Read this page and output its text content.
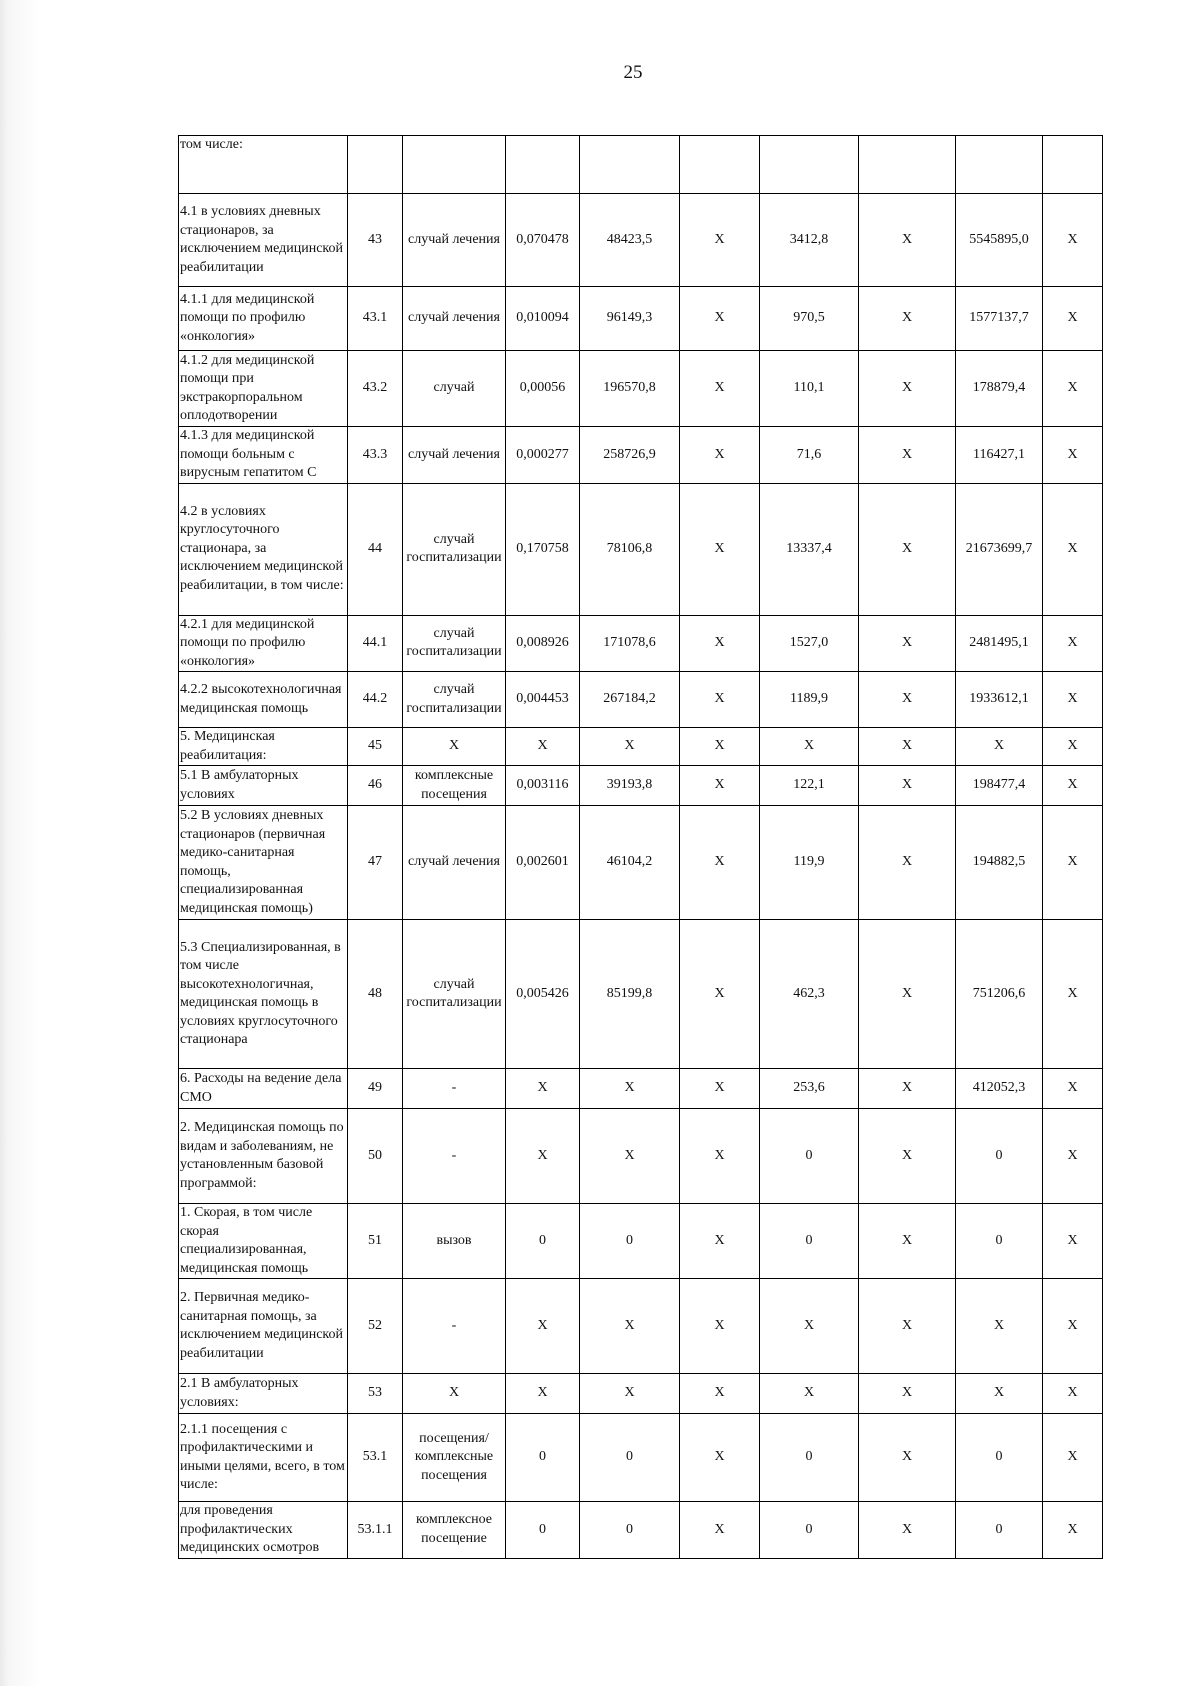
25
том числе:									
4.1 в условиях дневных стационаров, за исключением медицинской реабилитации	43	случай лечения	0,070478	48423,5	Х	3412,8	Х	5545895,0	Х
4.1.1 для медицинской помощи по профилю «онкология»	43.1	случай лечения	0,010094	96149,3	Х	970,5	Х	1577137,7	Х
4.1.2 для медицинской помощи при экстракорпоральном оплодотворении	43.2	случай	0,00056	196570,8	Х	110,1	Х	178879,4	Х
4.1.3 для медицинской помощи больным с вирусным гепатитом С	43.3	случай лечения	0,000277	258726,9	Х	71,6	Х	116427,1	Х
4.2 в условиях круглосуточного стационара, за исключением медицинской реабилитации, в том числе:	44	случай госпитализации	0,170758	78106,8	Х	13337,4	Х	21673699,7	Х
4.2.1 для медицинской помощи по профилю «онкология»	44.1	случай госпитализации	0,008926	171078,6	Х	1527,0	Х	2481495,1	Х
4.2.2 высокотехнологичная медицинская помощь	44.2	случай госпитализации	0,004453	267184,2	Х	1189,9	Х	1933612,1	Х
5. Медицинская реабилитация:	45	Х	Х	Х	Х	Х	Х	Х	Х
5.1 В амбулаторных условиях	46	комплексные посещения	0,003116	39193,8	Х	122,1	Х	198477,4	Х
5.2 В условиях дневных стационаров (первичная медико-санитарная помощь, специализированная медицинская помощь)	47	случай лечения	0,002601	46104,2	Х	119,9	Х	194882,5	Х
5.3 Специализированная, в том числе высокотехнологичная, медицинская помощь в условиях круглосуточного стационара	48	случай госпитализации	0,005426	85199,8	Х	462,3	Х	751206,6	Х
6. Расходы на ведение дела СМО	49	-	Х	Х	Х	253,6	Х	412052,3	Х
2. Медицинская помощь по видам и заболеваниям, не установленным базовой программой:	50	-	Х	Х	Х	0	Х	0	Х
1. Скорая, в том числе скорая специализированная, медицинская помощь	51	вызов	0	0	Х	0	Х	0	Х
2. Первичная медико-санитарная помощь, за исключением медицинской реабилитации	52	-	Х	Х	Х	Х	Х	Х	Х
2.1 В амбулаторных условиях:	53	Х	Х	Х	Х	Х	Х	Х	Х
2.1.1 посещения с профилактическими и иными целями, всего, в том числе:	53.1	посещения/комплексные посещения	0	0	Х	0	Х	0	Х
для проведения профилактических медицинских осмотров	53.1.1	комплексное посещение	0	0	Х	0	Х	0	Х
